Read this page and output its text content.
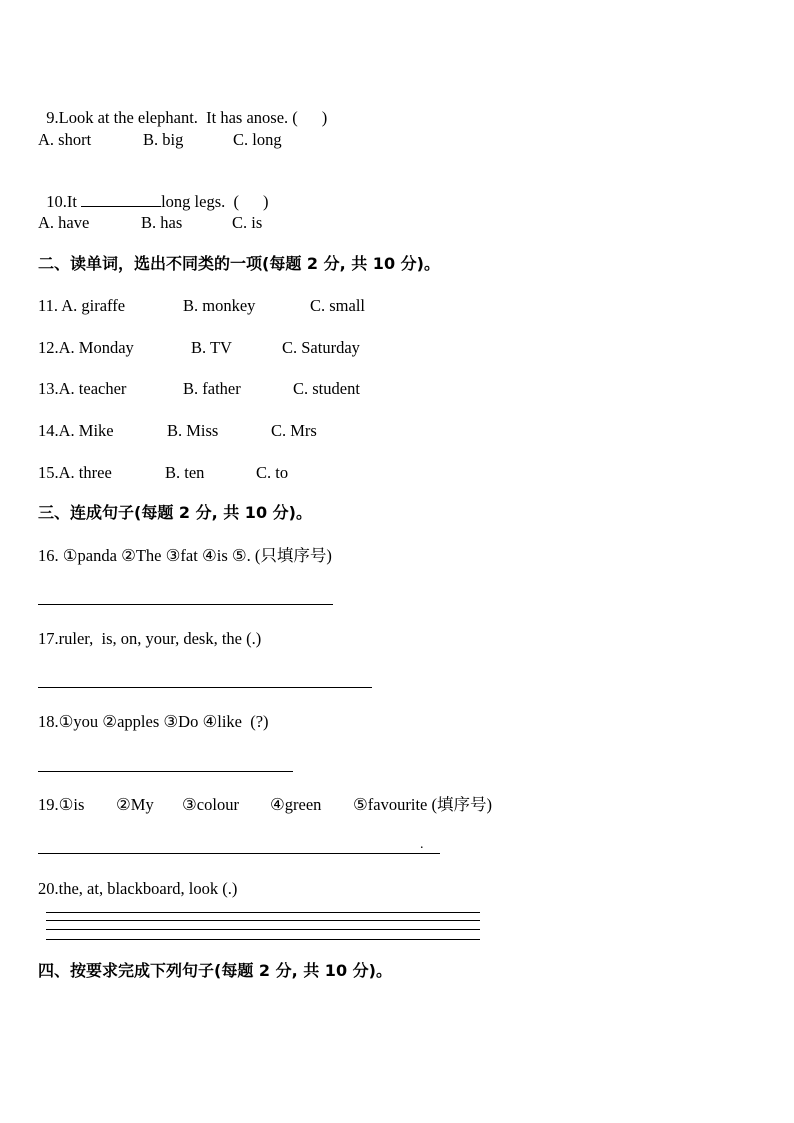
9.Look at the elephant.  It has anose. ( )

A. short	B. big	C. long

10.It	long legs.  ( )

A. have	B. has	C. is
二、读单词，选出不同类的一项(每题 2 分, 共 10 分)。
11. A. giraffe	B. monkey	C. small
12.A. Monday	B. TV	C. Saturday
13.A. teacher	B. father	C. student
14.A. Mike	B. Miss	C. Mrs
15.A. three	B. ten	C. to
三、连成句子(每题 2 分, 共 10 分)。
16. ①panda ②The ③fat ④is ⑤. (只填序号)
17.ruler,  is, on, your, desk, the (.)
18.①you ②apples ③Do ④like  (?)
19.①is ②My ③colour ④green ⑤favourite (填序号)
.
20.the, at, blackboard, look (.)
四、按要求完成下列句子(每题 2 分, 共 10 分)。
